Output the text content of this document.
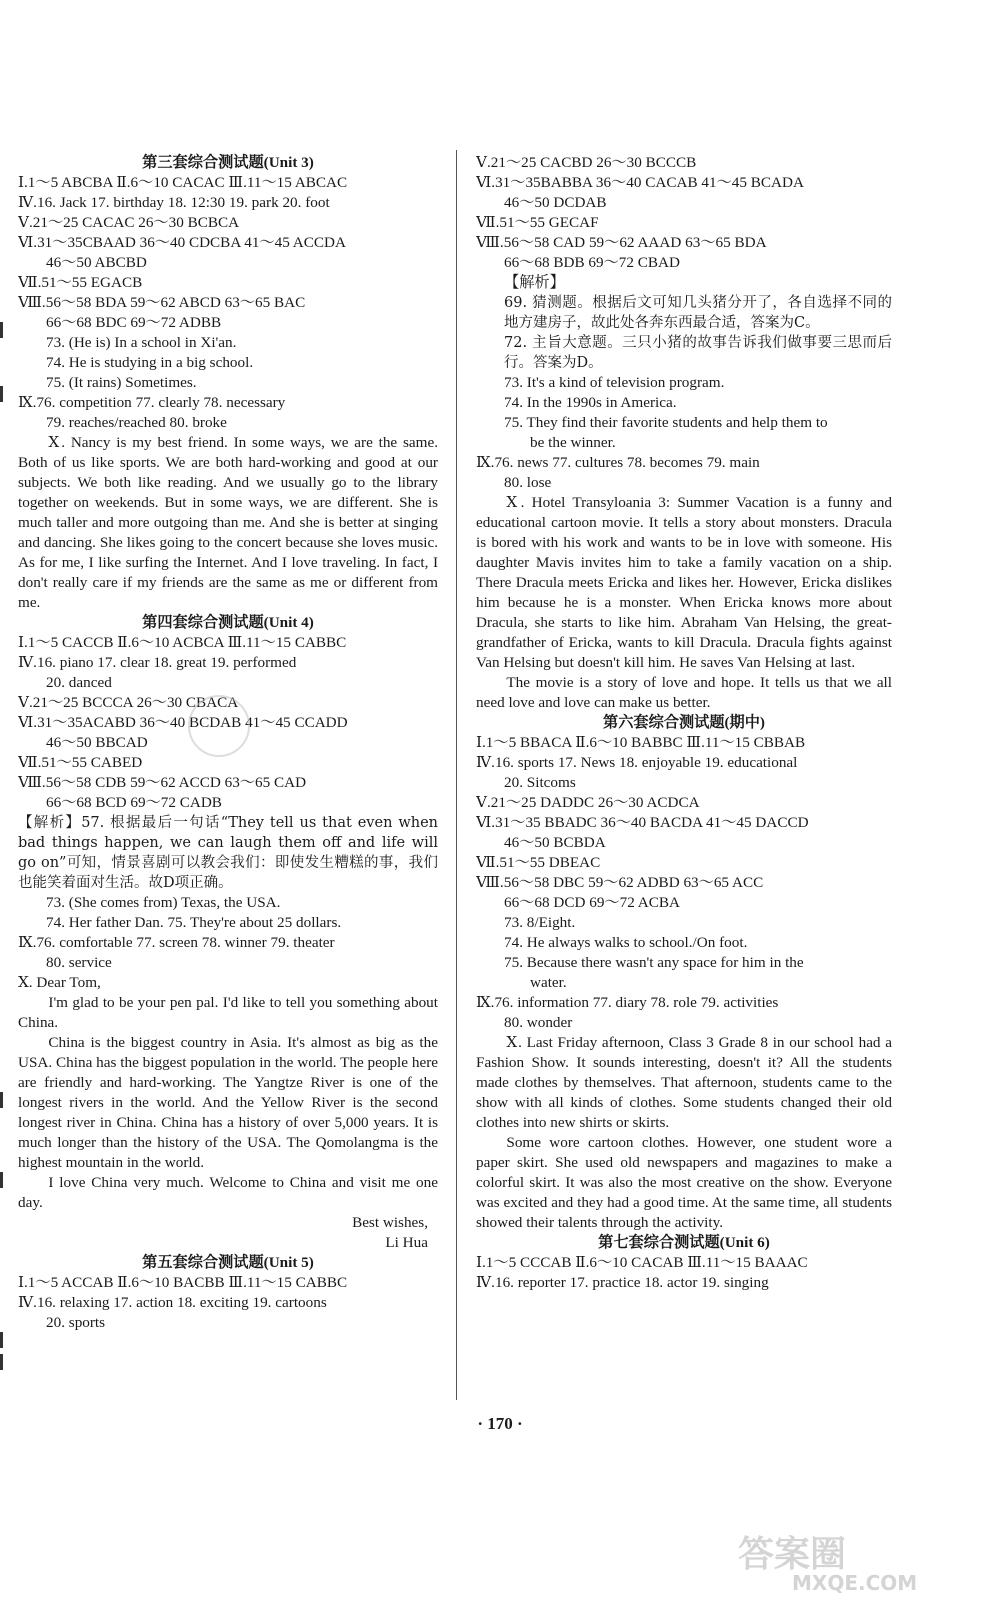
第三套综合测试题(Unit 3)
Ⅰ.1～5 ABCBA Ⅱ.6～10 CACAC Ⅲ.11～15 ABCAC
Ⅳ.16. Jack 17. birthday 18. 12:30 19. park 20. foot
Ⅴ.21～25 CACAC 26～30 BCBCA
Ⅵ.31～35CBAAD 36～40 CDCBA 41～45 ACCDA
46～50 ABCBD
Ⅶ.51～55 EGACB
Ⅷ.56～58 BDA 59～62 ABCD 63～65 BAC
66～68 BDC 69～72 ADBB
73. (He is) In a school in Xi'an.
74. He is studying in a big school.
75. (It rains) Sometimes.
Ⅸ.76. competition 77. clearly 78. necessary
79. reaches/reached 80. broke

Ⅹ. Nancy is my best friend. In some ways, we are the same. Both of us like sports. We are both hard-working and good at our subjects. We both like reading. And we usually go to the library together on weekends. But in some ways, we are different. She is much taller and more outgoing than me. And she is better at singing and dancing. She likes going to the concert because she loves music. As for me, I like surfing the Internet. And I love traveling. In fact, I don't really care if my friends are the same as me or different from me.

第四套综合测试题(Unit 4)
Ⅰ.1～5 CACCB Ⅱ.6～10 ACBCA Ⅲ.11～15 CABBC
Ⅳ.16. piano 17. clear 18. great 19. performed
20. danced
Ⅴ.21～25 BCCCA 26～30 CBACA
Ⅵ.31～35ACABD 36～40 BCDAB 41～45 CCADD
46～50 BBCAD
Ⅶ.51～55 CABED
Ⅷ.56～58 CDB 59～62 ACCD 63～65 CAD
66～68 BCD 69～72 CADB

【解析】57. 根据最后一句话“They tell us that even when bad things happen, we can laugh them off and life will go on”可知，情景喜剧可以教会我们：即使发生糟糕的事，我们也能笑着面对生活。故D项正确。

73. (She comes from) Texas, the USA.
74. Her father Dan. 75. They're about 25 dollars.
Ⅸ.76. comfortable 77. screen 78. winner 79. theater
80. service
Ⅹ. Dear Tom,

I'm glad to be your pen pal. I'd like to tell you something about China.

China is the biggest country in Asia. It's almost as big as the USA. China has the biggest population in the world. The people here are friendly and hard-working. The Yangtze River is one of the longest rivers in the world. And the Yellow River is the second longest river in China. China has a history of over 5,000 years. It is much longer than the history of the USA. The Qomolangma is the highest mountain in the world.

I love China very much. Welcome to China and visit me one day.

Best wishes,
Li Hua
第五套综合测试题(Unit 5)
Ⅰ.1～5 ACCAB Ⅱ.6～10 BACBB Ⅲ.11～15 CABBC
Ⅳ.16. relaxing 17. action 18. exciting 19. cartoons
20. sports
Ⅴ.21～25 CACBD 26～30 BCCCB
Ⅵ.31～35BABBA 36～40 CACAB 41～45 BCADA
46～50 DCDAB
Ⅶ.51～55 GECAF
Ⅷ.56～58 CAD 59～62 AAAD 63～65 BDA
66～68 BDB 69～72 CBAD
【解析】

69. 猜测题。根据后文可知几头猪分开了，各自选择不同的地方建房子，故此处各奔东西最合适，答案为C。

72. 主旨大意题。三只小猪的故事告诉我们做事要三思而后行。答案为D。

73. It's a kind of television program.
74. In the 1990s in America.
75. They find their favorite students and help them to
be the winner.
Ⅸ.76. news 77. cultures 78. becomes 79. main
80. lose

Ⅹ. Hotel Transyloania 3: Summer Vacation is a funny and educational cartoon movie. It tells a story about monsters. Dracula is bored with his work and wants to be in love with someone. His daughter Mavis invites him to take a family vacation on a ship. There Dracula meets Ericka and likes her. However, Ericka dislikes him because he is a monster. When Ericka knows more about Dracula, she starts to like him. Abraham Van Helsing, the great-grandfather of Ericka, wants to kill Dracula. Dracula fights against Van Helsing but doesn't kill him. He saves Van Helsing at last.

The movie is a story of love and hope. It tells us that we all need love and love can make us better.

第六套综合测试题(期中)
Ⅰ.1～5 BBACA Ⅱ.6～10 BABBC Ⅲ.11～15 CBBAB
Ⅳ.16. sports 17. News 18. enjoyable 19. educational
20. Sitcoms
Ⅴ.21～25 DADDC 26～30 ACDCA
Ⅵ.31～35 BBADC 36～40 BACDA 41～45 DACCD
46～50 BCBDA
Ⅶ.51～55 DBEAC
Ⅷ.56～58 DBC 59～62 ADBD 63～65 ACC
66～68 DCD 69～72 ACBA
73. 8/Eight.
74. He always walks to school./On foot.
75. Because there wasn't any space for him in the
water.
Ⅸ.76. information 77. diary 78. role 79. activities
80. wonder

Ⅹ. Last Friday afternoon, Class 3 Grade 8 in our school had a Fashion Show. It sounds interesting, doesn't it? All the students made clothes by themselves. That afternoon, students came to the show with all kinds of clothes. Some students changed their old clothes into new shirts or skirts.

Some wore cartoon clothes. However, one student wore a paper skirt. She used old newspapers and magazines to make a colorful skirt. It was also the most creative on the show. Everyone was excited and they had a good time. At the same time, all students showed their talents through the activity.

第七套综合测试题(Unit 6)
Ⅰ.1～5 CCCAB Ⅱ.6～10 CACAB Ⅲ.11～15 BAAAC
Ⅳ.16. reporter 17. practice 18. actor 19. singing
· 170 ·
答案圈
MXQE.COM
